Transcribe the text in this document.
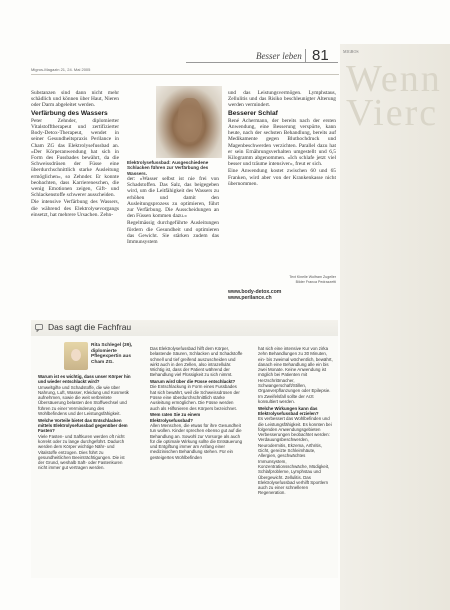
MIGROS
Wenn
Vierc
Besser leben 81
Migros-Magazin 21, 24. Mai 2005

Substanzen sind dann nicht mehr schädlich und können über Haut, Nieren oder Darm abgeleitet werden.

Verfärbung des Wassers

Peter Zehnder, diplomierter Vitalstofftherapeut und zertifizierter Body-Detox-Therapeut, wendet in seiner Gesundheitspraxis Perilance in Cham ZG das Elektrolysefussbad an. «Der Körperanwendung hat sich in Form des Fussbades bewährt, da die Schweissdrüsen der Füsse eine überdurchschnittlich starke Ausleitung ermöglichen», so Zehnder. Er konnte beobachten, dass Karriereneschen, die wenig Emotionen zeigen, Gift- und Schlackenstoffe schwerer ausscheiden.

Die intensive Verfärbung des Wassers, die während des Elektrolysevorgangs einsetzt, hat mehrere Ursachen. Zehn-

Elektrolysefussbad: Ausgeschiedene Schlacken führen zur Verfärbung des Wassers.

der: «Wasser selbst ist nie frei von Schadstoffen. Das Salz, das beigegeben wird, um die Leitfähigkeit des Wassers zu erhöhen und damit den Ausleitungsprozess zu optimieren, führt zur Verfärbung. Die Ausscheidungen an den Füssen kommen dazu.»

Regelmässig durchgeführte Ausleitungen fördern die Gesundheit und optimieren das Gewicht. Sie stärken zudem das Immunsystem

und das Leistungsvermögen. Lymphstaus, Zellulitis und das Risiko beschleunigter Alterung werden vermindert.

Besserer Schlaf

René Achermann, der bereits nach der ersten Anwendung, eine Besserung verspürte, kann heute, nach der sechsten Behandlung, bereits auf Medikamente gegen Bluthochdruck und Magenbeschwerden verzichten. Parallel dazu hat er sein Ernährungsverhalten umgestellt und 6,5 Kilogramm abgenommen. «Ich schlafe jetzt viel besser und träume intensiver», freut er sich.

Eine Anwendung kostet zwischen 60 und 65 Franken, wird aber von der Krankenkasse nicht übernommen.

Text Kinelle Wolfram Zugeller
Bilder Franca Pedrazzetti
www.body-detox.com
www.perilance.ch
Das sagt die Fachfrau
Rita Schlegel (39), diplomierte Pflegexpertin aus Cham ZG.

Warum ist es wichtig, dass unser Körper hin und wieder entschlackt wird?
Umweltgifte und Schadstoffe, die wie über Nahrung, Luft, Wasser, Kleidung und Kosmetik aufnehmen, sowie die weit verbreitete Übersäuerung belasten den Stoffwechsel und führen zu einer Verminderung des Wohlbefindens und der Leistungsfähigkeit.

Welche Vorteile bietet das Entschlacken mittels Elektrolysefussbad gegenüber dem Fasten?
Viele Fasten- und Saftkuren werden oft nicht korrekt oder zu lange durchgeführt. Dadurch werden dem Körper wichtige Nähr- und Vitalstoffe entzogen. Dies führt zu gesundheitlichen Beeinträchtigungen. Die ist der Grund, weshalb Saft- oder Fastenkuren nicht immer gut vertragen werden.

Das Elektrolysefussbad hilft dem Körper, belastende Säuren, Schlacken und Schadstoffe schnell und tief greifend auszuscheiden und wirkt auch in den Zellen, also intrazellulär. Wichtig ist, dass der Patient während der Behandlung viel Flüssigkeit zu sich nimmt.

Warum wird über die Füsse entschlackt?
Die Entschlackung in Form eines Fussbades hat sich bewährt, weil die Schweissdrüsen der Füsse eine überdurchschnittlich starke Ausleitung ermöglichen. Die Füsse werden auch als Hilfsnieren des Körpers bezeichnet.

Wem raten Sie zu einem Elektrolysefussbad?
Allen Menschen, die etwas für ihre Gesundheit tun wollen. Kinder sprechen ebenso gut auf die Behandlung an. Sowohl zur Vorsorge als auch für die optimale Wirkung sollte die Entsäuerung und Entgiftung immer am Anfang einer medizinischen Behandlung stehen. Für ein gesteigertes Wohlbefinden

hat sich eine intensive Kur von zirka zehn Behandlungen zu 30 Minuten, ein- bis zweimal wöchentlich, bewährt, danach eine Behandlung alle ein bis zwei Monate. Keine Anwendung ist möglich bei Patienten mit Herzschrittmacher, Schwangerschaft/Stillen, Organverpflanzungen oder Epilepsie. Im Zweifelsfall sollte der Arzt konsultiert werden.

Welche Wirkungen kann das Elektrolysefussbad erzielen?
Es verbessert das Wohlbefinden und die Leistungsfähigkeit. Es konnten bei folgenden Anwendungsgebieten Verbesserungen beobachtet werden: Verdauungsbeschwerden, Neurodermitis, Ekzema, Arthritis, Gicht, gereizte Schleimhäute, Allergien, geschwächtes Immunsystem, Konzentrationsschwäche, Müdigkeit, Schlafprobleme, Lymphstau und Übergewicht. Zellulitis. Das Elektrolysefussbad verhilft Sportlern auch zu einer schnelleren Regeneration.
